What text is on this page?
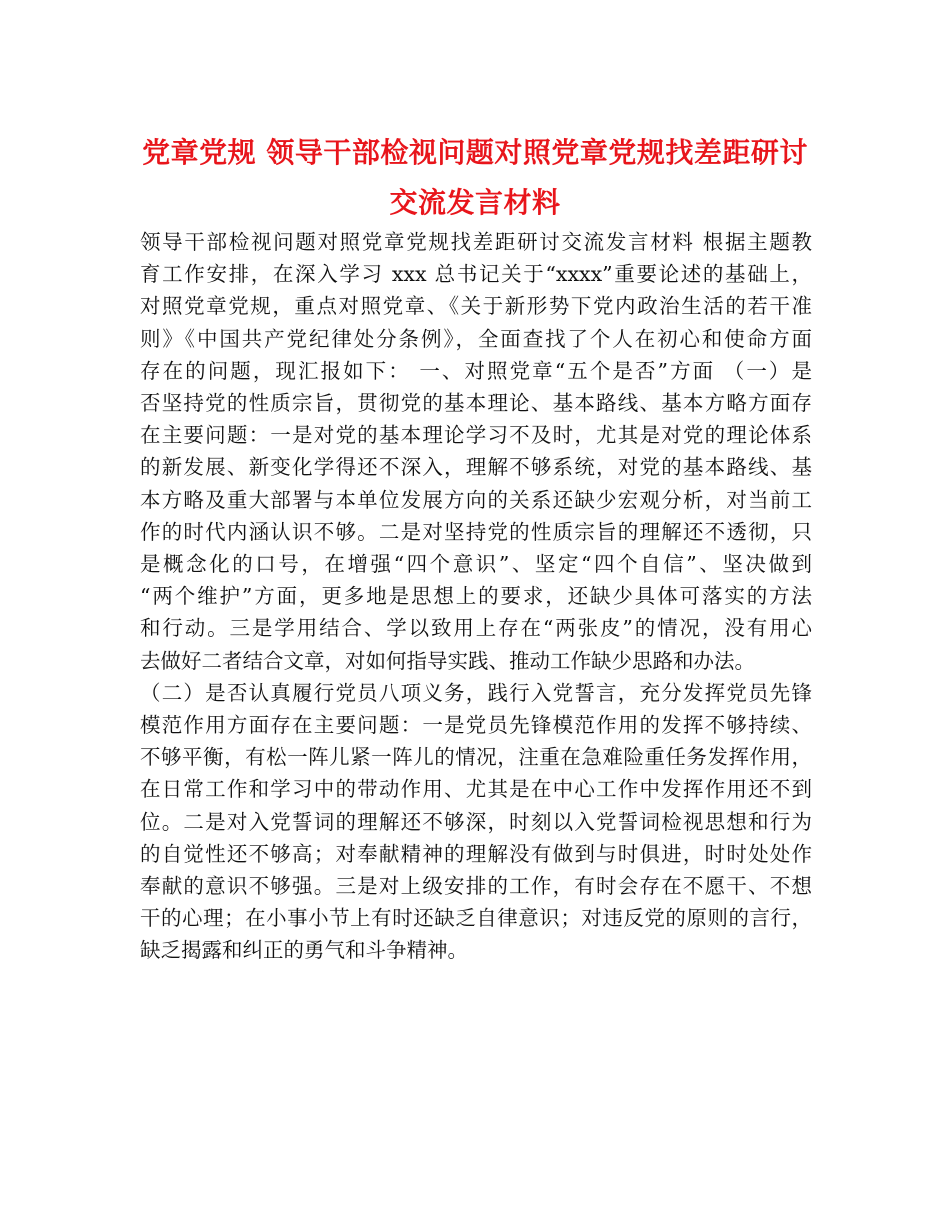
党章党规 领导干部检视问题对照党章党规找差距研讨
交流发言材料
领导干部检视问题对照党章党规找差距研讨交流发言材料 根据主题教
育工作安排，在深入学习 xxx 总书记关于“xxxx”重要论述的基础上，
对照党章党规，重点对照党章、《关于新形势下党内政治生活的若干准
则》《中国共产党纪律处分条例》，全面查找了个人在初心和使命方面
存在的问题，现汇报如下： 一、对照党章“五个是否”方面 （一）是
否坚持党的性质宗旨，贯彻党的基本理论、基本路线、基本方略方面存
在主要问题：一是对党的基本理论学习不及时，尤其是对党的理论体系
的新发展、新变化学得还不深入，理解不够系统，对党的基本路线、基
本方略及重大部署与本单位发展方向的关系还缺少宏观分析，对当前工
作的时代内涵认识不够。二是对坚持党的性质宗旨的理解还不透彻，只
是概念化的口号，在增强“四个意识”、坚定“四个自信”、坚决做到
“两个维护”方面，更多地是思想上的要求，还缺少具体可落实的方法
和行动。三是学用结合、学以致用上存在“两张皮”的情况，没有用心
去做好二者结合文章，对如何指导实践、推动工作缺少思路和办法。
（二）是否认真履行党员八项义务，践行入党誓言，充分发挥党员先锋
模范作用方面存在主要问题：一是党员先锋模范作用的发挥不够持续、
不够平衡，有松一阵儿紧一阵儿的情况，注重在急难险重任务发挥作用，
在日常工作和学习中的带动作用、尤其是在中心工作中发挥作用还不到
位。二是对入党誓词的理解还不够深，时刻以入党誓词检视思想和行为
的自觉性还不够高；对奉献精神的理解没有做到与时俱进，时时处处作
奉献的意识不够强。三是对上级安排的工作，有时会存在不愿干、不想
干的心理；在小事小节上有时还缺乏自律意识；对违反党的原则的言行，
缺乏揭露和纠正的勇气和斗争精神。
